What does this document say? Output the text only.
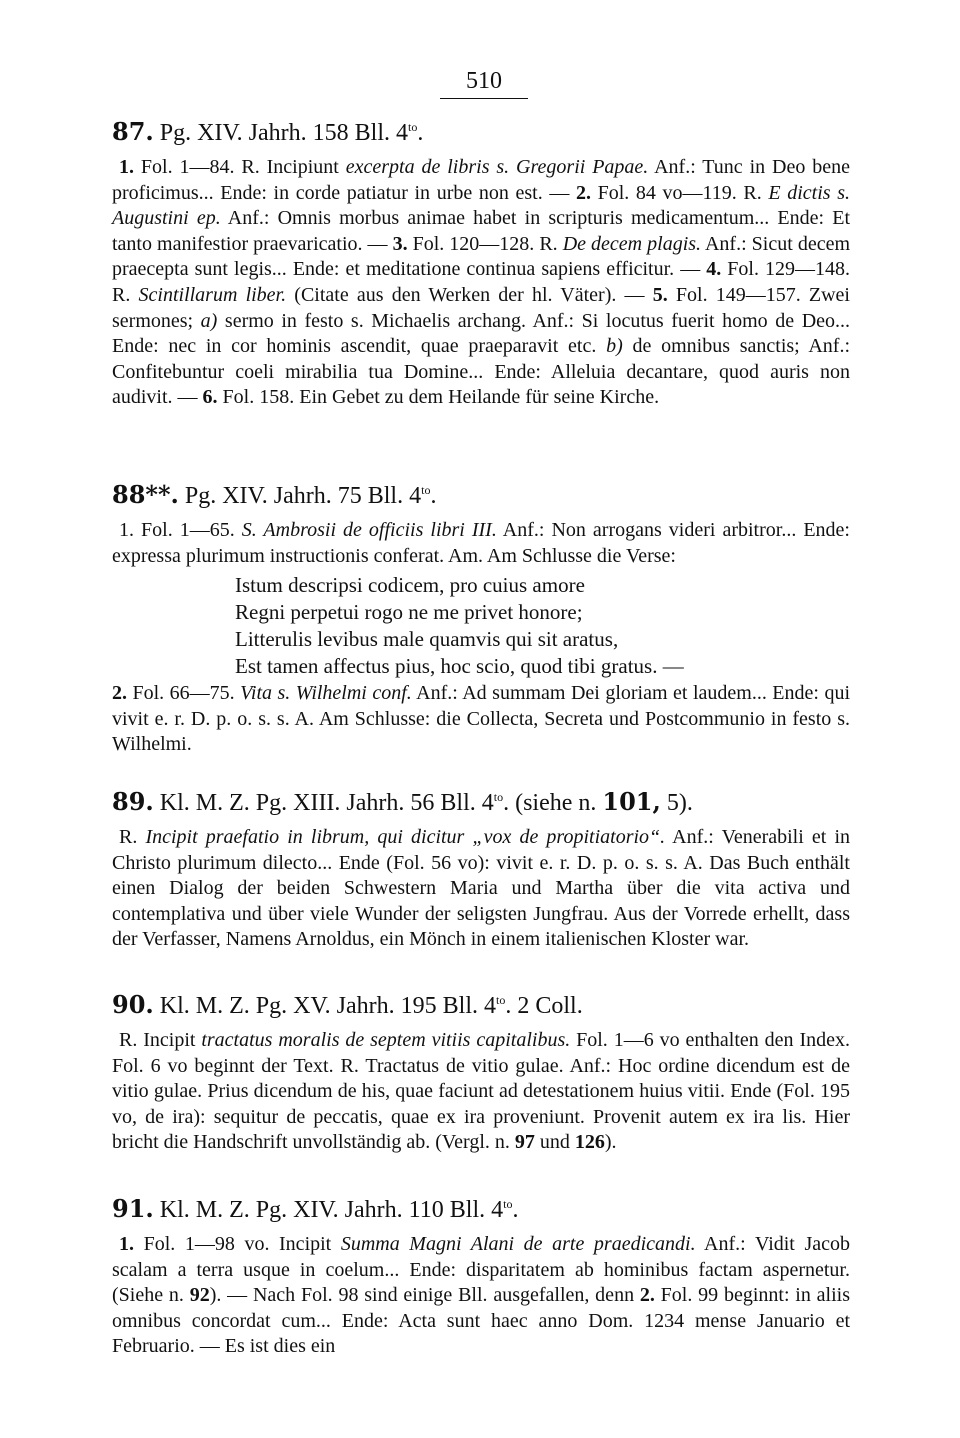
510
87. Pg. XIV. Jahrh. 158 Bll. $4^{to}$.

1. Fol. 1—84. R. Incipiunt excerpta de libris s. Gregorii Papae. Anf.: Tunc in Deo bene proficimus... Ende: in corde patiatur in urbe non est. — 2. Fol. 84 vo—119. R. E dictis s. Augustini ep. Anf.: Omnis morbus animae habet in scripturis medicamentum... Ende: Et tanto manifestior praevaricatio. — 3. Fol. 120—128. R. De decem plagis. Anf.: Sicut decem praecepta sunt legis... Ende: et meditatione continua sapiens efficitur. — 4. Fol. 129—148. R. Scintillarum liber. (Citate aus den Werken der hl. Väter). — 5. Fol. 149—157. Zwei sermones; a) sermo in festo s. Michaelis archang. Anf.: Si locutus fuerit homo de Deo... Ende: nec in cor hominis ascendit, quae praeparavit etc. b) de omnibus sanctis; Anf.: Confitebuntur coeli mirabilia tua Domine... Ende: Alleluia decantare, quod auris non audivit. — 6. Fol. 158. Ein Gebet zu dem Heilande für seine Kirche.

88**. Pg. XIV. Jahrh. 75 Bll. $4^{to}$.

1. Fol. 1—65. S. Ambrosii de officiis libri III. Anf.: Non arrogans videri arbitror... Ende: expressa plurimum instructionis conferat. Am. Am Schlusse die Verse:

Istum descripsi codicem, pro cuius amore
Regni perpetui rogo ne me privet honore;
Litterulis levibus male quamvis qui sit aratus,
Est tamen affectus pius, hoc scio, quod tibi gratus. —

2. Fol. 66—75. Vita s. Wilhelmi conf. Anf.: Ad summam Dei gloriam et laudem... Ende: qui vivit e. r. D. p. o. s. s. A. Am Schlusse: die Collecta, Secreta und Postcommunio in festo s. Wilhelmi.

89. Kl. M. Z. Pg. XIII. Jahrh. 56 Bll. $4^{to}$. (siehe n. 101, 5).

R. Incipit praefatio in librum, qui dicitur „vox de propitiatorio“. Anf.: Venerabili et in Christo plurimum dilecto... Ende (Fol. 56 vo): vivit e. r. D. p. o. s. s. A. Das Buch enthält einen Dialog der beiden Schwestern Maria und Martha über die vita activa und contemplativa und über viele Wunder der seligsten Jungfrau. Aus der Vorrede erhellt, dass der Verfasser, Namens Arnoldus, ein Mönch in einem italienischen Kloster war.

90. Kl. M. Z. Pg. XV. Jahrh. 195 Bll. $4^{to}$. 2 Coll.

R. Incipit tractatus moralis de septem vitiis capitalibus. Fol. 1—6 vo enthalten den Index. Fol. 6 vo beginnt der Text. R. Tractatus de vitio gulae. Anf.: Hoc ordine dicendum est de vitio gulae. Prius dicendum de his, quae faciunt ad detestationem huius vitii. Ende (Fol. 195 vo, de ira): sequitur de peccatis, quae ex ira proveniunt. Provenit autem ex ira lis. Hier bricht die Handschrift unvollständig ab. (Vergl. n. 97 und 126).

91. Kl. M. Z. Pg. XIV. Jahrh. 110 Bll. $4^{to}$.

1. Fol. 1—98 vo. Incipit Summa Magni Alani de arte praedicandi. Anf.: Vidit Jacob scalam a terra usque in coelum... Ende: disparitatem ab hominibus factam aspernetur. (Siehe n. 92). — Nach Fol. 98 sind einige Bll. ausgefallen, denn 2. Fol. 99 beginnt: in aliis omnibus concordat cum... Ende: Acta sunt haec anno Dom. 1234 mense Januario et Februario. — Es ist dies ein
